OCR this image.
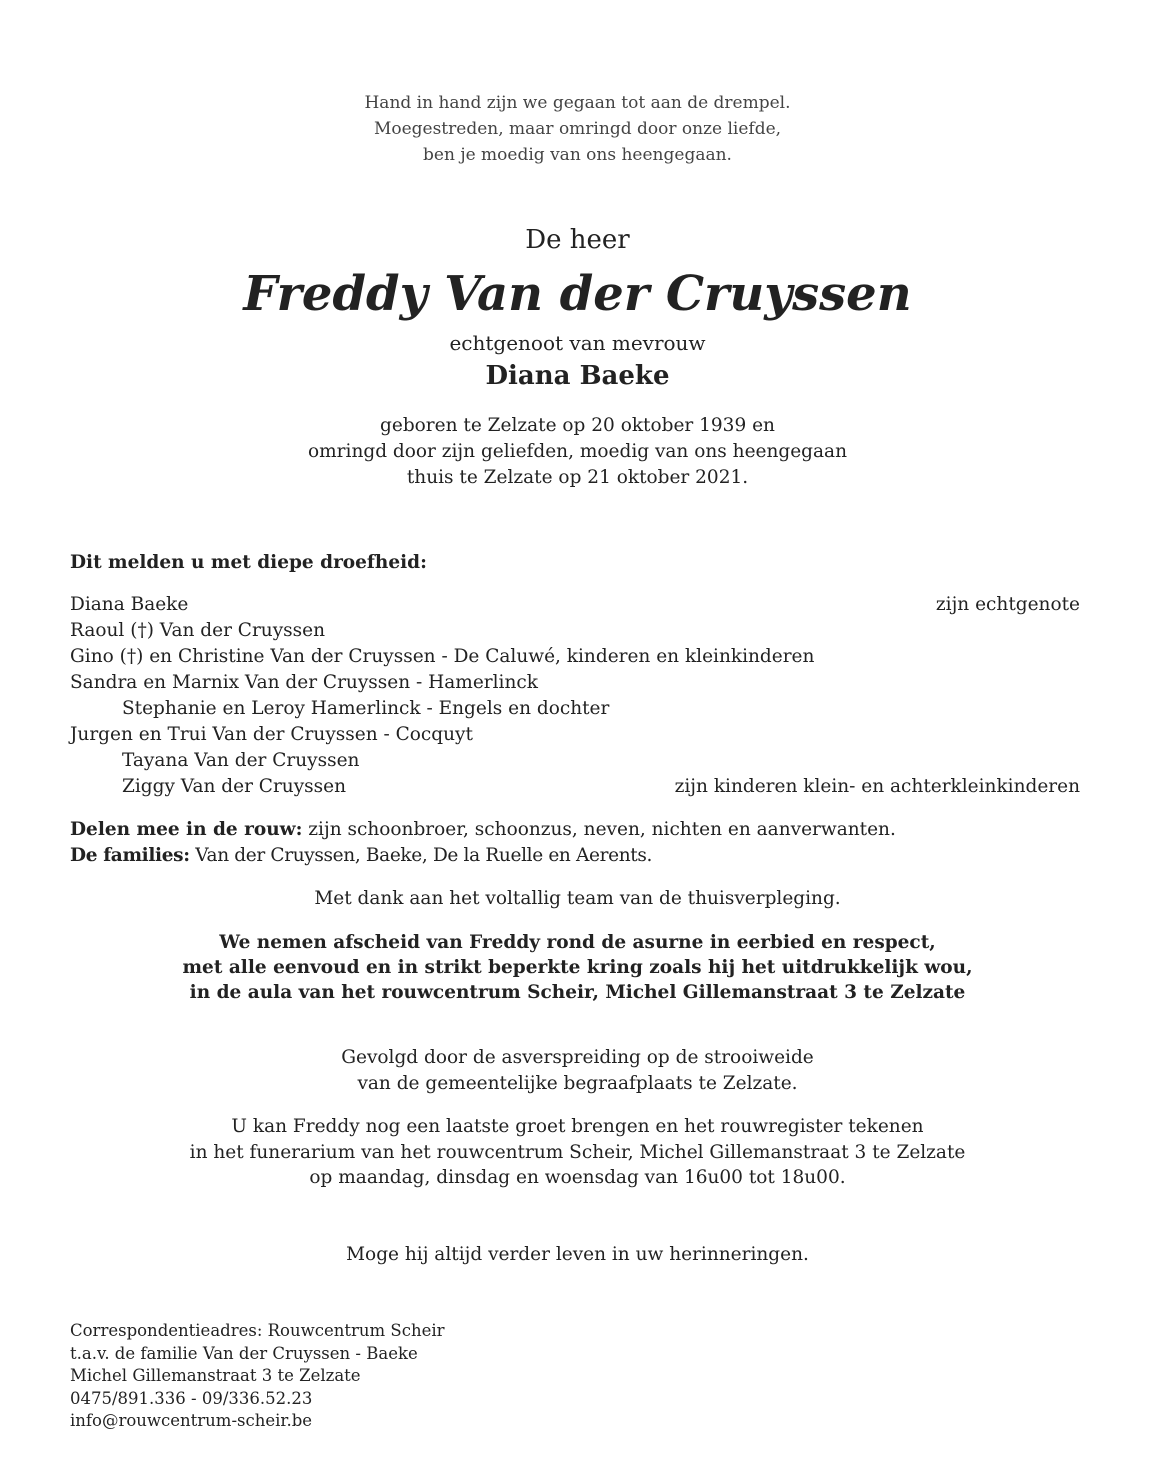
Hand in hand zijn we gegaan tot aan de drempel.

Moegestreden, maar omringd door onze liefde,

ben je moedig van ons heengegaan.

De heer

Freddy Van der Cruyssen

echtgenoot van mevrouw

Diana Baeke

geboren te Zelzate op 20 oktober 1939 en

omringd door zijn geliefden, moedig van ons heengegaan

thuis te Zelzate op 21 oktober 2021.

Dit melden u met diepe droefheid:

Diana Baeke	zijn echtgenote
Raoul (†) Van der Cruyssen
Gino (†) en Christine Van der Cruyssen - De Caluwé, kinderen en kleinkinderen
Sandra en Marnix Van der Cruyssen - Hamerlinck
Stephanie en Leroy Hamerlinck - Engels en dochter
Jurgen en Trui Van der Cruyssen - Cocquyt
Tayana Van der Cruyssen
Ziggy Van der Cruyssen	zijn kinderen klein- en achterkleinkinderen

Delen mee in de rouw: zijn schoonbroer, schoonzus, neven, nichten en aanverwanten.

De families: Van der Cruyssen, Baeke, De la Ruelle en Aerents.

Met dank aan het voltallig team van de thuisverpleging.

We nemen afscheid van Freddy rond de asurne in eerbied en respect,

met alle eenvoud en in strikt beperkte kring zoals hij het uitdrukkelijk wou,

in de aula van het rouwcentrum Scheir, Michel Gillemanstraat 3 te Zelzate

Gevolgd door de asverspreiding op de strooiweide

van de gemeentelijke begraafplaats te Zelzate.

U kan Freddy nog een laatste groet brengen en het rouwregister tekenen

in het funerarium van het rouwcentrum Scheir, Michel Gillemanstraat 3 te Zelzate

op maandag, dinsdag en woensdag van 16u00 tot 18u00.

Moge hij altijd verder leven in uw herinneringen.

Correspondentieadres: Rouwcentrum Scheir

t.a.v. de familie Van der Cruyssen - Baeke

Michel Gillemanstraat 3 te Zelzate

0475/891.336 - 09/336.52.23

info@rouwcentrum-scheir.be
